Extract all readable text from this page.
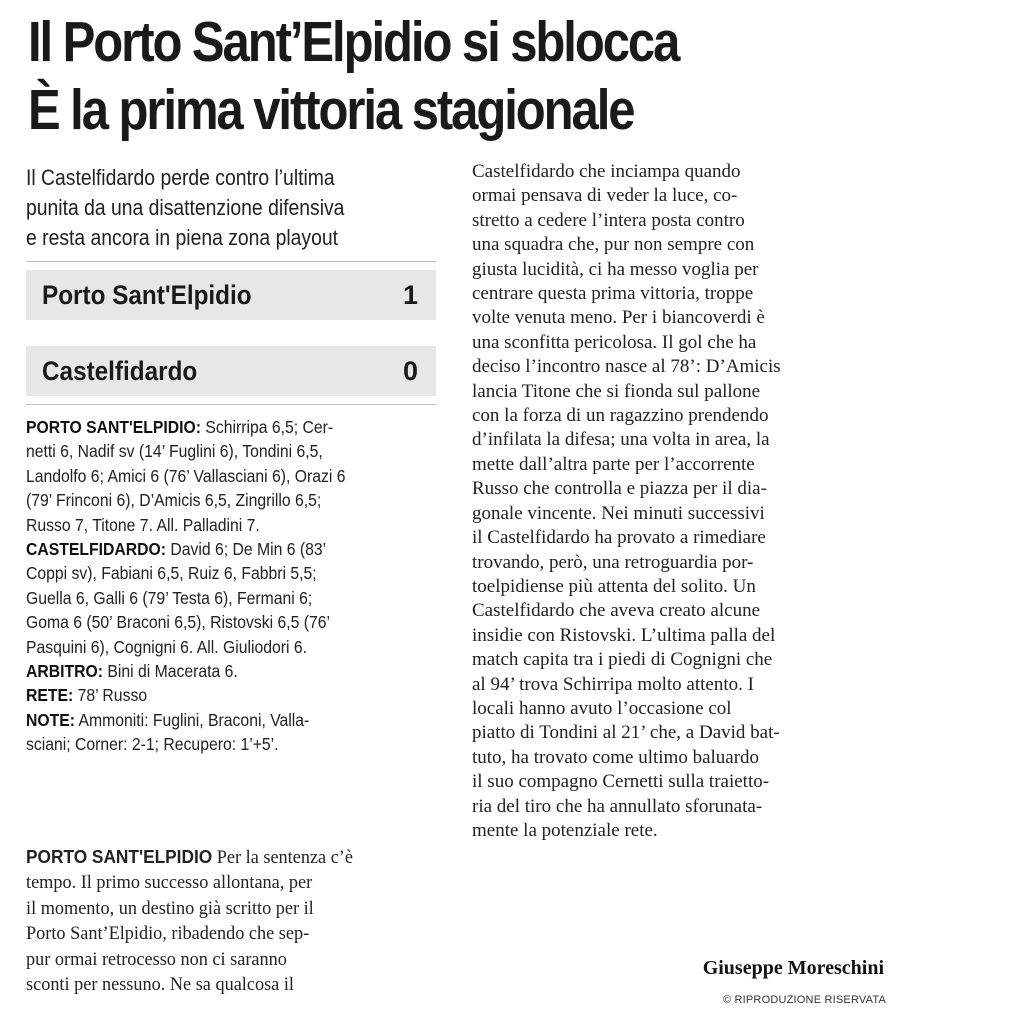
Il Porto Sant’Elpidio si sblocca
È la prima vittoria stagionale
Il Castelfidardo perde contro l’ultima
punita da una disattenzione difensiva
e resta ancora in piena zona playout
Porto Sant'Elpidio	1
Castelfidardo	0
PORTO SANT'ELPIDIO: Schirripa 6,5; Cer-
netti 6, Nadif sv (14’ Fuglini 6), Tondini 6,5,
Landolfo 6; Amici 6 (76’ Vallasciani 6), Orazi 6
(79’ Frinconi 6), D’Amicis 6,5, Zingrillo 6,5;
Russo 7, Titone 7. All. Palladini 7.
CASTELFIDARDO: David 6; De Min 6 (83’
Coppi sv), Fabiani 6,5, Ruiz 6, Fabbri 5,5;
Guella 6, Galli 6 (79’ Testa 6), Fermani 6;
Goma 6 (50’ Braconi 6,5), Ristovski 6,5 (76’
Pasquini 6), Cognigni 6. All. Giuliodori 6.
ARBITRO: Bini di Macerata 6.
RETE: 78’ Russo
NOTE: Ammoniti: Fuglini, Braconi, Valla-
sciani; Corner: 2-1; Recupero: 1’+5’.
PORTO SANT'ELPIDIO Per la sentenza c’è
tempo. Il primo successo allontana, per
il momento, un destino già scritto per il
Porto Sant’Elpidio, ribadendo che sep-
pur ormai retrocesso non ci saranno
sconti per nessuno. Ne sa qualcosa il
Castelfidardo che inciampa quando
ormai pensava di veder la luce, co-
stretto a cedere l’intera posta contro
una squadra che, pur non sempre con
giusta lucidità, ci ha messo voglia per
centrare questa prima vittoria, troppe
volte venuta meno. Per i biancoverdi è
una sconfitta pericolosa. Il gol che ha
deciso l’incontro nasce al 78’: D’Amicis
lancia Titone che si fionda sul pallone
con la forza di un ragazzino prendendo
d’infilata la difesa; una volta in area, la
mette dall’altra parte per l’accorrente
Russo che controlla e piazza per il dia-
gonale vincente. Nei minuti successivi
il Castelfidardo ha provato a rimediare
trovando, però, una retroguardia por-
toelpidiense più attenta del solito. Un
Castelfidardo che aveva creato alcune
insidie con Ristovski. L’ultima palla del
match capita tra i piedi di Cognigni che
al 94’ trova Schirripa molto attento. I
locali hanno avuto l’occasione col
piatto di Tondini al 21’ che, a David bat-
tuto, ha trovato come ultimo baluardo
il suo compagno Cernetti sulla traiettо-
ria del tiro che ha annullato sforunata-
mente la potenziale rete.
Giuseppe Moreschini
© RIPRODUZIONE RISERVATA
